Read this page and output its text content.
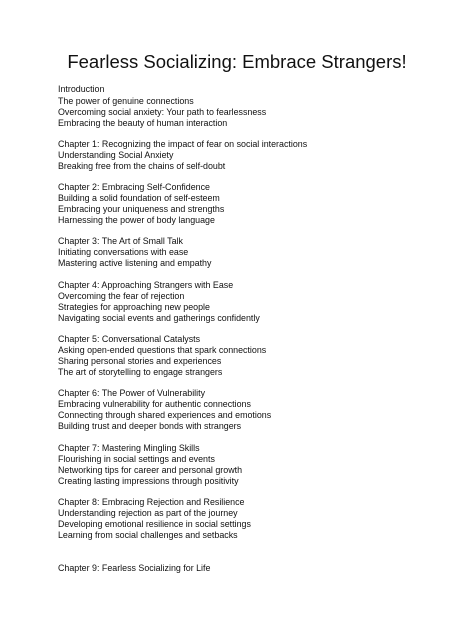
Fearless Socializing: Embrace Strangers!
Introduction
The power of genuine connections
Overcoming social anxiety: Your path to fearlessness
Embracing the beauty of human interaction
Chapter 1: Recognizing the impact of fear on social interactions
Understanding Social Anxiety
Breaking free from the chains of self-doubt
Chapter 2: Embracing Self-Confidence
Building a solid foundation of self-esteem
Embracing your uniqueness and strengths
Harnessing the power of body language
Chapter 3: The Art of Small Talk
Initiating conversations with ease
Mastering active listening and empathy
Chapter 4: Approaching Strangers with Ease
Overcoming the fear of rejection
Strategies for approaching new people
Navigating social events and gatherings confidently
Chapter 5: Conversational Catalysts
Asking open-ended questions that spark connections
Sharing personal stories and experiences
The art of storytelling to engage strangers
Chapter 6: The Power of Vulnerability
Embracing vulnerability for authentic connections
Connecting through shared experiences and emotions
Building trust and deeper bonds with strangers
Chapter 7: Mastering Mingling Skills
Flourishing in social settings and events
Networking tips for career and personal growth
Creating lasting impressions through positivity
Chapter 8: Embracing Rejection and Resilience
Understanding rejection as part of the journey
Developing emotional resilience in social settings
Learning from social challenges and setbacks
Chapter 9: Fearless Socializing for Life
